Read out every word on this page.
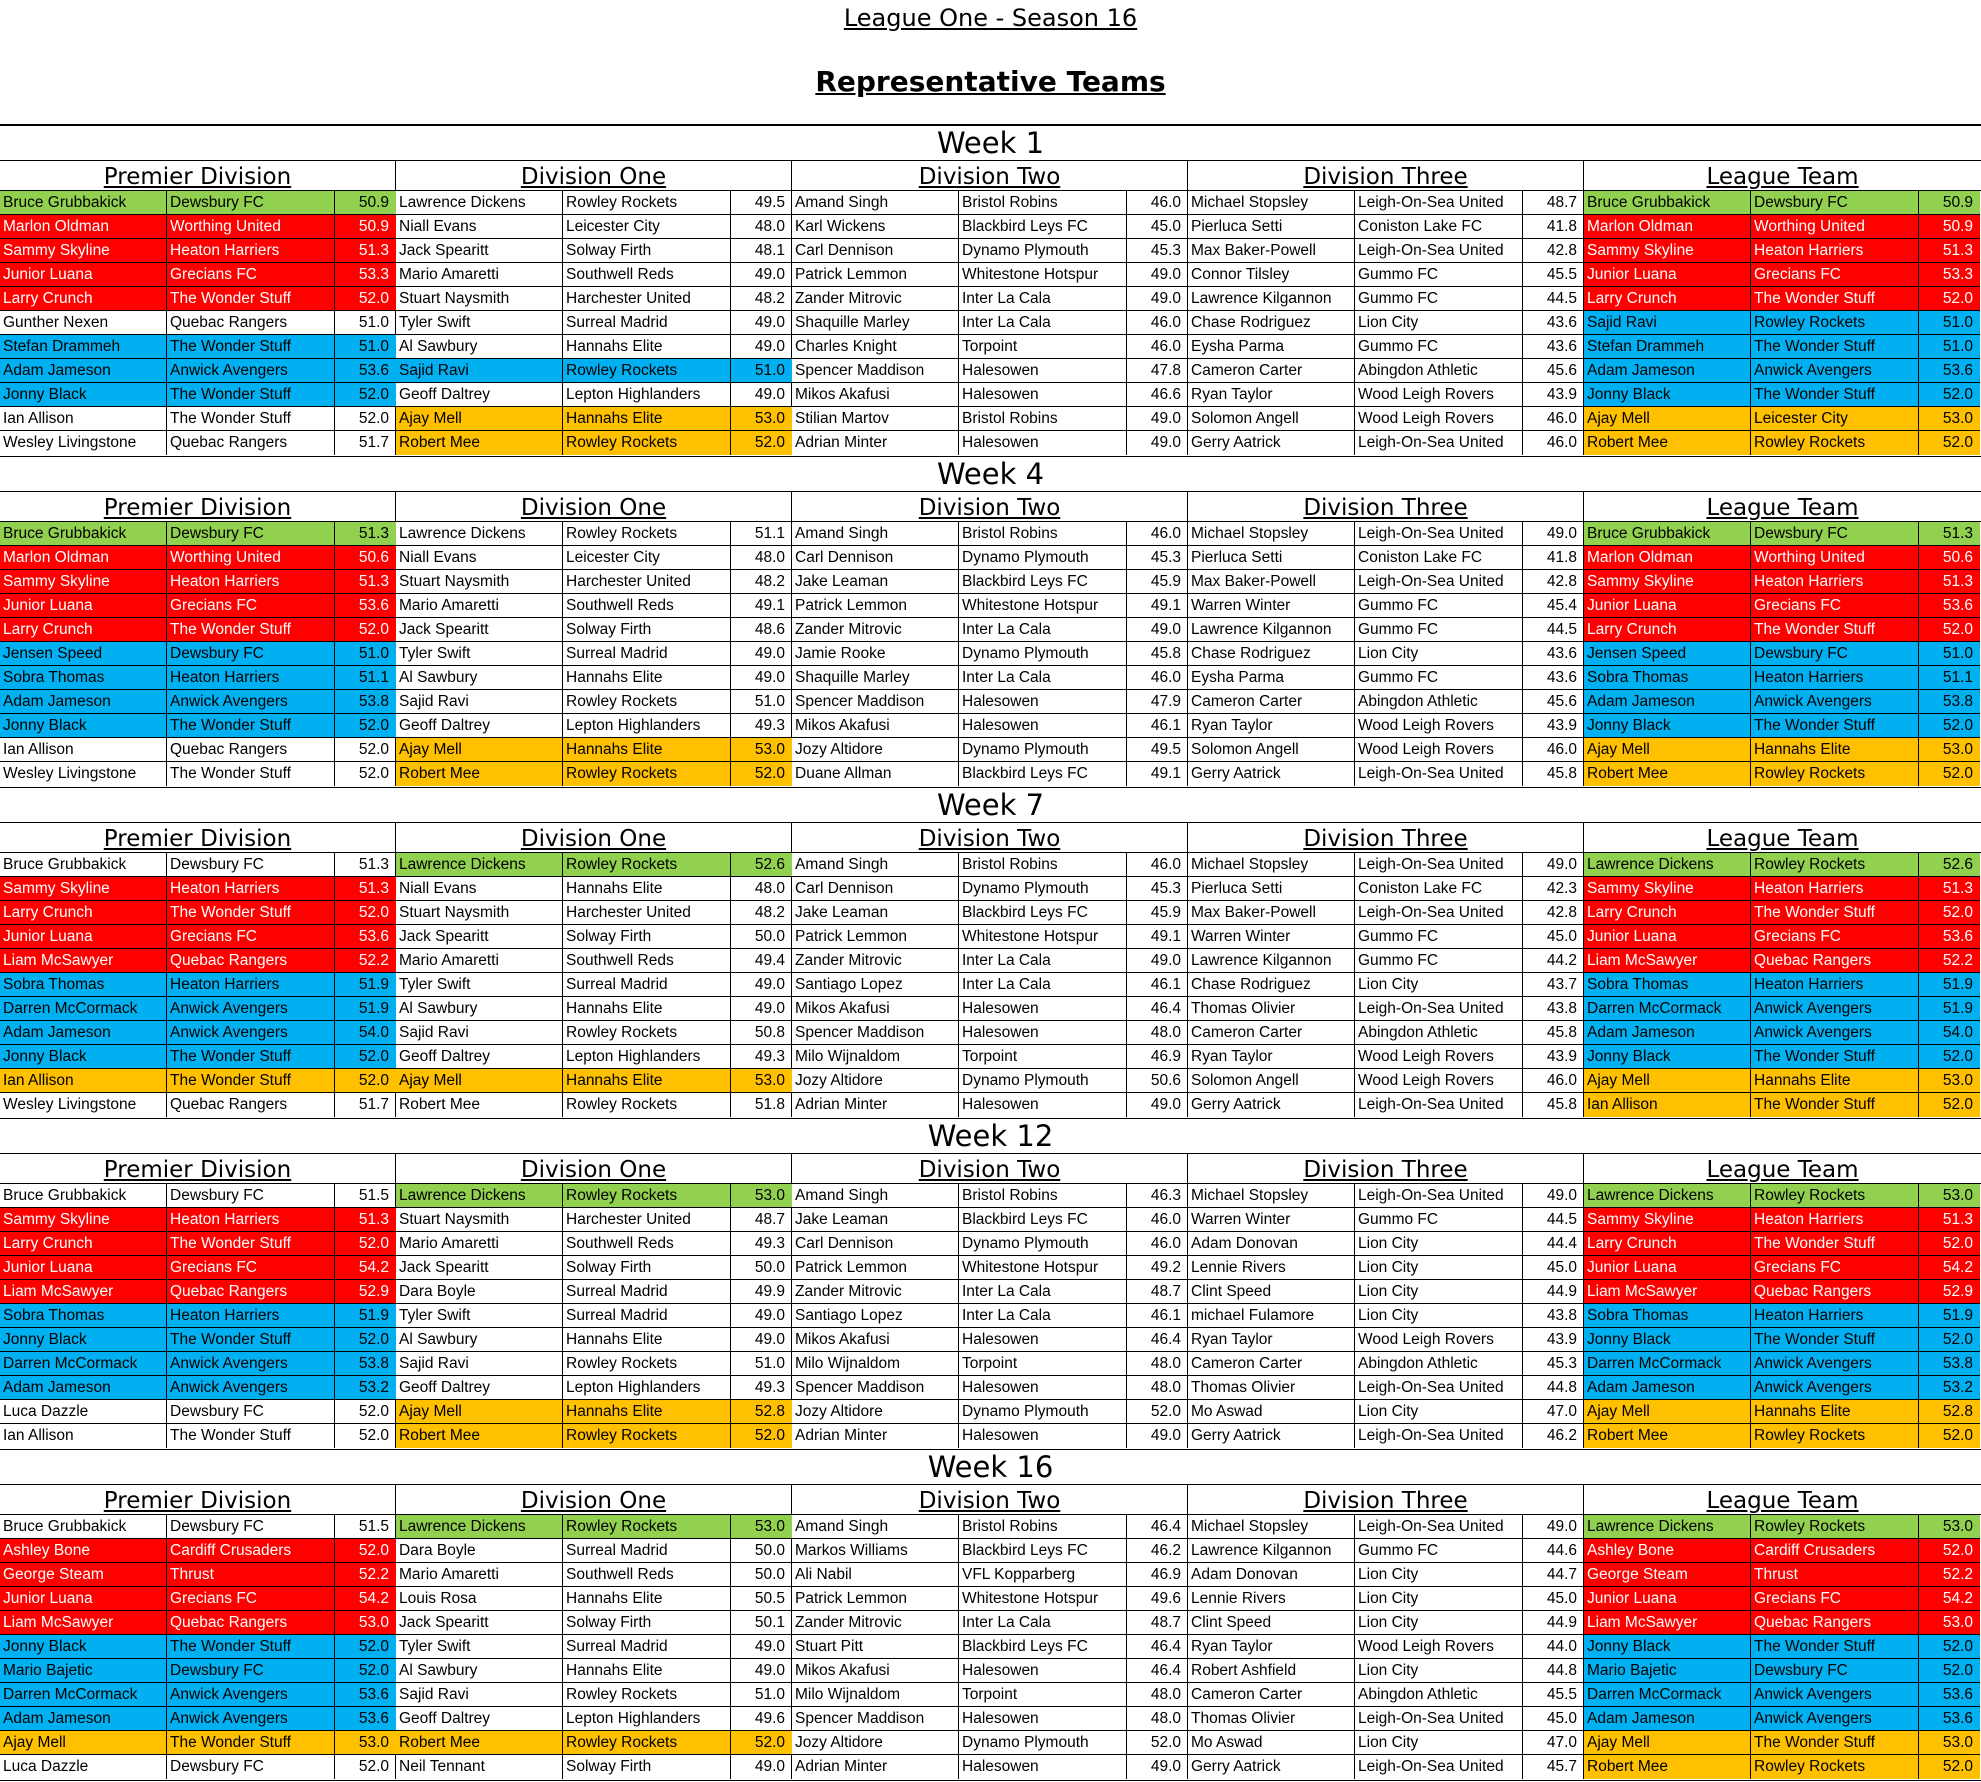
League One - Season 16
Representative Teams
Week 1
Premier Division
Bruce Grubbakick	Dewsbury FC	50.9
Marlon Oldman	Worthing United	50.9
Sammy Skyline	Heaton Harriers	51.3
Junior Luana	Grecians FC	53.3
Larry Crunch	The Wonder Stuff	52.0
Gunther Nexen	Quebac Rangers	51.0
Stefan Drammeh	The Wonder Stuff	51.0
Adam Jameson	Anwick Avengers	53.6
Jonny Black	The Wonder Stuff	52.0
Ian Allison	The Wonder Stuff	52.0
Wesley Livingstone	Quebac Rangers	51.7
Division One
Lawrence Dickens	Rowley Rockets	49.5
Niall Evans	Leicester City	48.0
Jack Spearitt	Solway Firth	48.1
Mario Amaretti	Southwell Reds	49.0
Stuart Naysmith	Harchester United	48.2
Tyler Swift	Surreal Madrid	49.0
Al Sawbury	Hannahs Elite	49.0
Sajid Ravi	Rowley Rockets	51.0
Geoff Daltrey	Lepton Highlanders	49.0
Ajay Mell	Hannahs Elite	53.0
Robert Mee	Rowley Rockets	52.0
Division Two
Amand Singh	Bristol Robins	46.0
Karl Wickens	Blackbird Leys FC	45.0
Carl Dennison	Dynamo Plymouth	45.3
Patrick Lemmon	Whitestone Hotspur	49.0
Zander Mitrovic	Inter La Cala	49.0
Shaquille Marley	Inter La Cala	46.0
Charles Knight	Torpoint	46.0
Spencer Maddison	Halesowen	47.8
Mikos Akafusi	Halesowen	46.6
Stilian Martov	Bristol Robins	49.0
Adrian Minter	Halesowen	49.0
Division Three
Michael Stopsley	Leigh-On-Sea United	48.7
Pierluca Setti	Coniston Lake FC	41.8
Max Baker-Powell	Leigh-On-Sea United	42.8
Connor Tilsley	Gummo FC	45.5
Lawrence Kilgannon	Gummo FC	44.5
Chase Rodriguez	Lion City	43.6
Eysha Parma	Gummo FC	43.6
Cameron Carter	Abingdon Athletic	45.6
Ryan Taylor	Wood Leigh Rovers	43.9
Solomon Angell	Wood Leigh Rovers	46.0
Gerry Aatrick	Leigh-On-Sea United	46.0
League Team
Bruce Grubbakick	Dewsbury FC	50.9
Marlon Oldman	Worthing United	50.9
Sammy Skyline	Heaton Harriers	51.3
Junior Luana	Grecians FC	53.3
Larry Crunch	The Wonder Stuff	52.0
Sajid Ravi	Rowley Rockets	51.0
Stefan Drammeh	The Wonder Stuff	51.0
Adam Jameson	Anwick Avengers	53.6
Jonny Black	The Wonder Stuff	52.0
Ajay Mell	Leicester City	53.0
Robert Mee	Rowley Rockets	52.0
Week 4
Premier Division
Bruce Grubbakick	Dewsbury FC	51.3
Marlon Oldman	Worthing United	50.6
Sammy Skyline	Heaton Harriers	51.3
Junior Luana	Grecians FC	53.6
Larry Crunch	The Wonder Stuff	52.0
Jensen Speed	Dewsbury FC	51.0
Sobra Thomas	Heaton Harriers	51.1
Adam Jameson	Anwick Avengers	53.8
Jonny Black	The Wonder Stuff	52.0
Ian Allison	Quebac Rangers	52.0
Wesley Livingstone	The Wonder Stuff	52.0
Division One
Lawrence Dickens	Rowley Rockets	51.1
Niall Evans	Leicester City	48.0
Stuart Naysmith	Harchester United	48.2
Mario Amaretti	Southwell Reds	49.1
Jack Spearitt	Solway Firth	48.6
Tyler Swift	Surreal Madrid	49.0
Al Sawbury	Hannahs Elite	49.0
Sajid Ravi	Rowley Rockets	51.0
Geoff Daltrey	Lepton Highlanders	49.3
Ajay Mell	Hannahs Elite	53.0
Robert Mee	Rowley Rockets	52.0
Division Two
Amand Singh	Bristol Robins	46.0
Carl Dennison	Dynamo Plymouth	45.3
Jake Leaman	Blackbird Leys FC	45.9
Patrick Lemmon	Whitestone Hotspur	49.1
Zander Mitrovic	Inter La Cala	49.0
Jamie Rooke	Dynamo Plymouth	45.8
Shaquille Marley	Inter La Cala	46.0
Spencer Maddison	Halesowen	47.9
Mikos Akafusi	Halesowen	46.1
Jozy Altidore	Dynamo Plymouth	49.5
Duane Allman	Blackbird Leys FC	49.1
Division Three
Michael Stopsley	Leigh-On-Sea United	49.0
Pierluca Setti	Coniston Lake FC	41.8
Max Baker-Powell	Leigh-On-Sea United	42.8
Warren Winter	Gummo FC	45.4
Lawrence Kilgannon	Gummo FC	44.5
Chase Rodriguez	Lion City	43.6
Eysha Parma	Gummo FC	43.6
Cameron Carter	Abingdon Athletic	45.6
Ryan Taylor	Wood Leigh Rovers	43.9
Solomon Angell	Wood Leigh Rovers	46.0
Gerry Aatrick	Leigh-On-Sea United	45.8
League Team
Bruce Grubbakick	Dewsbury FC	51.3
Marlon Oldman	Worthing United	50.6
Sammy Skyline	Heaton Harriers	51.3
Junior Luana	Grecians FC	53.6
Larry Crunch	The Wonder Stuff	52.0
Jensen Speed	Dewsbury FC	51.0
Sobra Thomas	Heaton Harriers	51.1
Adam Jameson	Anwick Avengers	53.8
Jonny Black	The Wonder Stuff	52.0
Ajay Mell	Hannahs Elite	53.0
Robert Mee	Rowley Rockets	52.0
Week 7
Premier Division
Bruce Grubbakick	Dewsbury FC	51.3
Sammy Skyline	Heaton Harriers	51.3
Larry Crunch	The Wonder Stuff	52.0
Junior Luana	Grecians FC	53.6
Liam McSawyer	Quebac Rangers	52.2
Sobra Thomas	Heaton Harriers	51.9
Darren McCormack	Anwick Avengers	51.9
Adam Jameson	Anwick Avengers	54.0
Jonny Black	The Wonder Stuff	52.0
Ian Allison	The Wonder Stuff	52.0
Wesley Livingstone	Quebac Rangers	51.7
Division One
Lawrence Dickens	Rowley Rockets	52.6
Niall Evans	Hannahs Elite	48.0
Stuart Naysmith	Harchester United	48.2
Jack Spearitt	Solway Firth	50.0
Mario Amaretti	Southwell Reds	49.4
Tyler Swift	Surreal Madrid	49.0
Al Sawbury	Hannahs Elite	49.0
Sajid Ravi	Rowley Rockets	50.8
Geoff Daltrey	Lepton Highlanders	49.3
Ajay Mell	Hannahs Elite	53.0
Robert Mee	Rowley Rockets	51.8
Division Two
Amand Singh	Bristol Robins	46.0
Carl Dennison	Dynamo Plymouth	45.3
Jake Leaman	Blackbird Leys FC	45.9
Patrick Lemmon	Whitestone Hotspur	49.1
Zander Mitrovic	Inter La Cala	49.0
Santiago Lopez	Inter La Cala	46.1
Mikos Akafusi	Halesowen	46.4
Spencer Maddison	Halesowen	48.0
Milo Wijnaldom	Torpoint	46.9
Jozy Altidore	Dynamo Plymouth	50.6
Adrian Minter	Halesowen	49.0
Division Three
Michael Stopsley	Leigh-On-Sea United	49.0
Pierluca Setti	Coniston Lake FC	42.3
Max Baker-Powell	Leigh-On-Sea United	42.8
Warren Winter	Gummo FC	45.0
Lawrence Kilgannon	Gummo FC	44.2
Chase Rodriguez	Lion City	43.7
Thomas Olivier	Leigh-On-Sea United	43.8
Cameron Carter	Abingdon Athletic	45.8
Ryan Taylor	Wood Leigh Rovers	43.9
Solomon Angell	Wood Leigh Rovers	46.0
Gerry Aatrick	Leigh-On-Sea United	45.8
League Team
Lawrence Dickens	Rowley Rockets	52.6
Sammy Skyline	Heaton Harriers	51.3
Larry Crunch	The Wonder Stuff	52.0
Junior Luana	Grecians FC	53.6
Liam McSawyer	Quebac Rangers	52.2
Sobra Thomas	Heaton Harriers	51.9
Darren McCormack	Anwick Avengers	51.9
Adam Jameson	Anwick Avengers	54.0
Jonny Black	The Wonder Stuff	52.0
Ajay Mell	Hannahs Elite	53.0
Ian Allison	The Wonder Stuff	52.0
Week 12
Premier Division
Bruce Grubbakick	Dewsbury FC	51.5
Sammy Skyline	Heaton Harriers	51.3
Larry Crunch	The Wonder Stuff	52.0
Junior Luana	Grecians FC	54.2
Liam McSawyer	Quebac Rangers	52.9
Sobra Thomas	Heaton Harriers	51.9
Jonny Black	The Wonder Stuff	52.0
Darren McCormack	Anwick Avengers	53.8
Adam Jameson	Anwick Avengers	53.2
Luca Dazzle	Dewsbury FC	52.0
Ian Allison	The Wonder Stuff	52.0
Division One
Lawrence Dickens	Rowley Rockets	53.0
Stuart Naysmith	Harchester United	48.7
Mario Amaretti	Southwell Reds	49.3
Jack Spearitt	Solway Firth	50.0
Dara Boyle	Surreal Madrid	49.9
Tyler Swift	Surreal Madrid	49.0
Al Sawbury	Hannahs Elite	49.0
Sajid Ravi	Rowley Rockets	51.0
Geoff Daltrey	Lepton Highlanders	49.3
Ajay Mell	Hannahs Elite	52.8
Robert Mee	Rowley Rockets	52.0
Division Two
Amand Singh	Bristol Robins	46.3
Jake Leaman	Blackbird Leys FC	46.0
Carl Dennison	Dynamo Plymouth	46.0
Patrick Lemmon	Whitestone Hotspur	49.2
Zander Mitrovic	Inter La Cala	48.7
Santiago Lopez	Inter La Cala	46.1
Mikos Akafusi	Halesowen	46.4
Milo Wijnaldom	Torpoint	48.0
Spencer Maddison	Halesowen	48.0
Jozy Altidore	Dynamo Plymouth	52.0
Adrian Minter	Halesowen	49.0
Division Three
Michael Stopsley	Leigh-On-Sea United	49.0
Warren Winter	Gummo FC	44.5
Adam Donovan	Lion City	44.4
Lennie Rivers	Lion City	45.0
Clint Speed	Lion City	44.9
michael Fulamore	Lion City	43.8
Ryan Taylor	Wood Leigh Rovers	43.9
Cameron Carter	Abingdon Athletic	45.3
Thomas Olivier	Leigh-On-Sea United	44.8
Mo Aswad	Lion City	47.0
Gerry Aatrick	Leigh-On-Sea United	46.2
League Team
Lawrence Dickens	Rowley Rockets	53.0
Sammy Skyline	Heaton Harriers	51.3
Larry Crunch	The Wonder Stuff	52.0
Junior Luana	Grecians FC	54.2
Liam McSawyer	Quebac Rangers	52.9
Sobra Thomas	Heaton Harriers	51.9
Jonny Black	The Wonder Stuff	52.0
Darren McCormack	Anwick Avengers	53.8
Adam Jameson	Anwick Avengers	53.2
Ajay Mell	Hannahs Elite	52.8
Robert Mee	Rowley Rockets	52.0
Week 16
Premier Division
Bruce Grubbakick	Dewsbury FC	51.5
Ashley Bone	Cardiff Crusaders	52.0
George Steam	Thrust	52.2
Junior Luana	Grecians FC	54.2
Liam McSawyer	Quebac Rangers	53.0
Jonny Black	The Wonder Stuff	52.0
Mario Bajetic	Dewsbury FC	52.0
Darren McCormack	Anwick Avengers	53.6
Adam Jameson	Anwick Avengers	53.6
Ajay Mell	The Wonder Stuff	53.0
Luca Dazzle	Dewsbury FC	52.0
Division One
Lawrence Dickens	Rowley Rockets	53.0
Dara Boyle	Surreal Madrid	50.0
Mario Amaretti	Southwell Reds	50.0
Louis Rosa	Hannahs Elite	50.5
Jack Spearitt	Solway Firth	50.1
Tyler Swift	Surreal Madrid	49.0
Al Sawbury	Hannahs Elite	49.0
Sajid Ravi	Rowley Rockets	51.0
Geoff Daltrey	Lepton Highlanders	49.6
Robert Mee	Rowley Rockets	52.0
Neil Tennant	Solway Firth	49.0
Division Two
Amand Singh	Bristol Robins	46.4
Markos Williams	Blackbird Leys FC	46.2
Ali Nabil	VFL Kopparberg	46.9
Patrick Lemmon	Whitestone Hotspur	49.6
Zander Mitrovic	Inter La Cala	48.7
Stuart Pitt	Blackbird Leys FC	46.4
Mikos Akafusi	Halesowen	46.4
Milo Wijnaldom	Torpoint	48.0
Spencer Maddison	Halesowen	48.0
Jozy Altidore	Dynamo Plymouth	52.0
Adrian Minter	Halesowen	49.0
Division Three
Michael Stopsley	Leigh-On-Sea United	49.0
Lawrence Kilgannon	Gummo FC	44.6
Adam Donovan	Lion City	44.7
Lennie Rivers	Lion City	45.0
Clint Speed	Lion City	44.9
Ryan Taylor	Wood Leigh Rovers	44.0
Robert Ashfield	Lion City	44.8
Cameron Carter	Abingdon Athletic	45.5
Thomas Olivier	Leigh-On-Sea United	45.0
Mo Aswad	Lion City	47.0
Gerry Aatrick	Leigh-On-Sea United	45.7
League Team
Lawrence Dickens	Rowley Rockets	53.0
Ashley Bone	Cardiff Crusaders	52.0
George Steam	Thrust	52.2
Junior Luana	Grecians FC	54.2
Liam McSawyer	Quebac Rangers	53.0
Jonny Black	The Wonder Stuff	52.0
Mario Bajetic	Dewsbury FC	52.0
Darren McCormack	Anwick Avengers	53.6
Adam Jameson	Anwick Avengers	53.6
Ajay Mell	The Wonder Stuff	53.0
Robert Mee	Rowley Rockets	52.0
